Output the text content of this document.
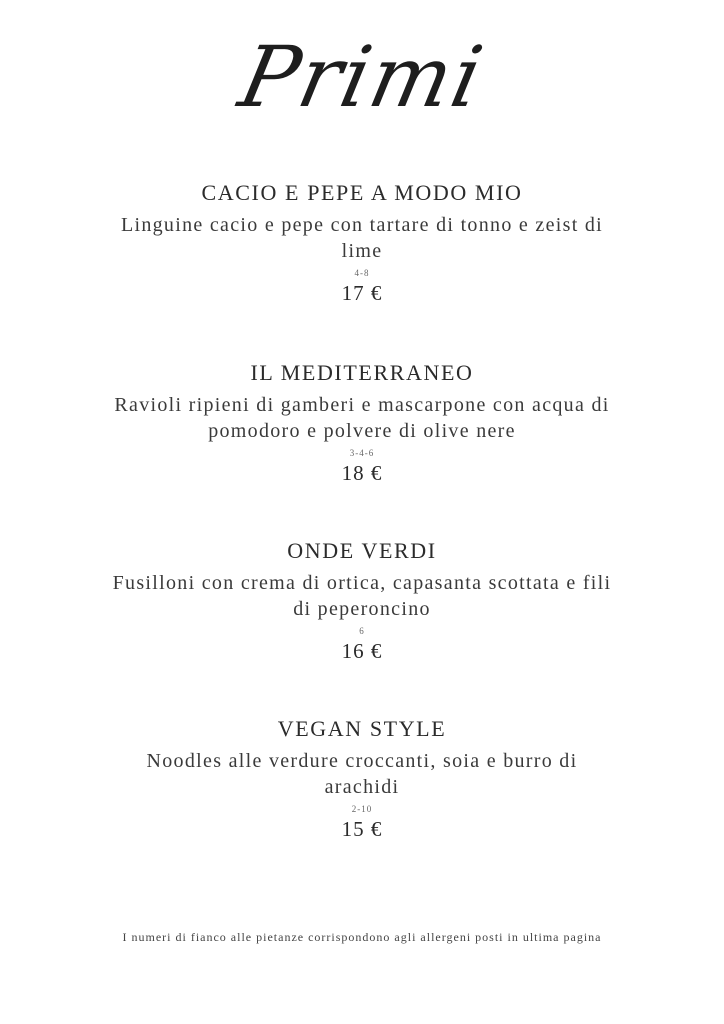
Primi

CACIO E PEPE A MODO MIO

Linguine cacio e pepe con tartare di tonno e zeist di lime

4-8

17 €

IL MEDITERRANEO

Ravioli ripieni di gamberi e mascarpone con acqua di pomodoro e polvere di olive nere

3-4-6

18 €

ONDE VERDI

Fusilloni con crema di ortica, capasanta scottata e fili di peperoncino

6

16 €

VEGAN STYLE

Noodles alle verdure croccanti, soia e burro di arachidi

2-10

15 €

I numeri di fianco alle pietanze corrispondono agli allergeni posti in ultima pagina
